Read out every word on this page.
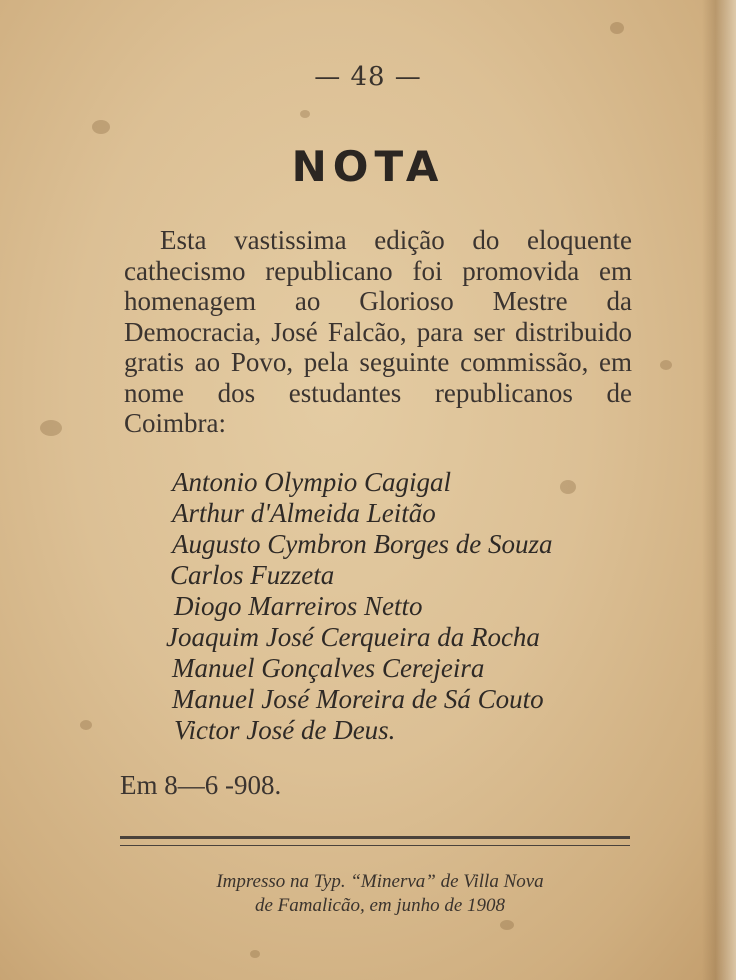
— 48 —
NOTA
Esta vastissima edição do eloquente cathecismo republicano foi promovida em homenagem ao Glorioso Mestre da Democracia, José Falcão, para ser distribuido gratis ao Povo, pela seguinte commissão, em nome dos estudantes republicanos de Coimbra:
Antonio Olympio Cagigal
Arthur d'Almeida Leitão
Augusto Cymbron Borges de Souza
Carlos Fuzzeta
Diogo Marreiros Netto
Joaquim José Cerqueira da Rocha
Manuel Gonçalves Cerejeira
Manuel José Moreira de Sá Couto
Victor José de Deus.
Em 8—6 -908.
Impresso na Typ. “Minerva” de Villa Nova
de Famalicão, em junho de 1908
